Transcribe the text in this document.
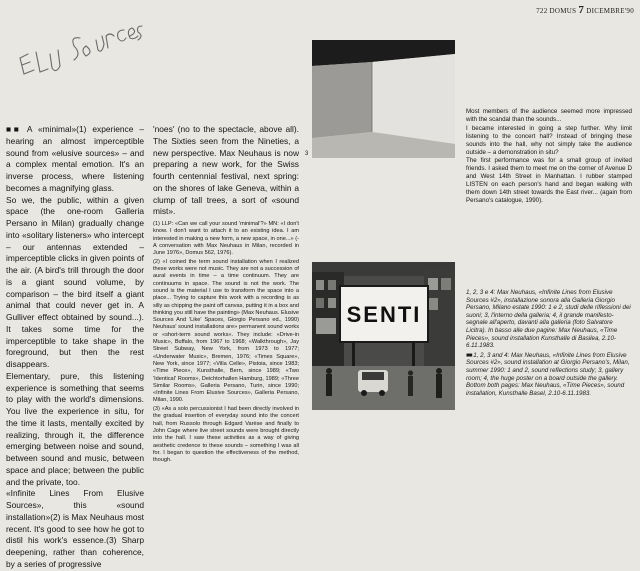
722 DOMUS 7 DICEMBRE'90

■■ A «minimal»(1) experience – hearing an almost imperceptible sound from «elusive sources» – and a complex mental emotion. It's an inverse process, where listening becomes a magnifying glass.

So we, the public, within a given space (the one-room Galleria Persano in Milan) gradually change into «solitary listeners» who intercept – our antennas extended – imperceptible clicks in given points of the air. (A bird's trill through the door is a giant sound volume, by comparison – the bird itself a giant animal that could never get in. A Gulliver effect obtained by sound...). It takes some time for the imperceptible to take shape in the foreground, but then the rest disappears.

Elementary, pure, this listening experience is something that seems to play with the world's dimensions. You live the experience in situ, for the time it lasts, mentally excited by realizing, through it, the difference emerging between noise and sound, between sound and music, between space and place; between the public and the private, too.

«Infinite Lines From Elusive Sources», this «sound installation»(2) is Max Neuhaus most recent. It's good to see how he got to distil his work's essence.(3) Sharp deepening, rather than coherence, by a series of progressive

'noes' (no to the spectacle, above all). The Sixties seen from the Nineties, a new perspective. Max Neuhaus is now preparing a new work, for the Swiss fourth centennial festival, next spring: on the shores of lake Geneva, within a clump of tall trees, a sort of «sound mist».

(1) LLP: «Can we call your sound 'minimal'?» MN: «I don't know. I don't want to attach it to an existing idea. I am interested in making a new form, a new space, in one...» (-A conversation with Max Neuhaus in Milan, recorded in June 1976», Domus 562, 1976).

(2) «I coined the term sound installation when I realized these works were not music. They are not a succession of aural events in time – a time continuum. They are continuums in space. The sound is not the work. The sound is the material I use to transform the space into a place... Trying to capture this work with a recording is as silly as chipping the paint off canvas, putting it in a box and thinking you still have the painting» (Max Neuhaus. Elusive Sources And 'Like' Spaces, Giorgio Persano ed., 1990) Neuhaus' sound installations are» permanent sound works or «short-term sound works». They include: «Drive-in Music», Buffalo, from 1967 to 1968; «Walkthrough», Jay Street Subway, New York, from 1973 to 1977; «Underwater Music», Bremen, 1976; «Times Square», New York, since 1977; «Villa Celle», Pistoia, since 1983; «Time Piece», Kunsthalle, Bern, since 1989; «Two 'Identical' Rooms», Deichtorhallen Hamburg, 1989; «Three Similar Rooms», Galleria Persano, Turin, since 1990; «Infinite Lines From Elusive Sources», Galleria Persano, Milan, 1990.

(3) «As a solo percussionist I had been directly involved in the gradual insertion of everyday sound into the concert hall, from Russolo through Edgard Varèse and finally to John Cage where live street sounds were brought directly into the hall. I saw these activities as a way of giving aesthetic credence to these sounds – something I was all for. I began to question the effectiveness of the method, though.

3

Most members of the audience seemed more impressed with the scandal than the sounds...

I became interested in going a step further. Why limit listening to the concert hall? Instead of bringing these sounds into the hall, why not simply take the audience outside – a demonstration in situ?

The first performance was for a small group of invited friends. I asked them to meet me on the corner of Avenue D and West 14th Street in Manhattan. I rubber stamped LISTEN on each person's hand and began walking with them down 14th street towards the East river... (again from Persano's catalogue, 1990).

SENTI

1, 2, 3 e 4: Max Neuhaus, «Infinite Lines from Elusive Sources #2», installazione sonora alla Galleria Giorgio Persano, Milano estate 1990: 1 e 2, studi delle riflessioni dei suoni; 3, l'interno della galleria; 4, il grande manifesto-segnale all'aperto, davanti alla galleria (foto Salvatore Licitra). In basso alle due pagine: Max Neuhaus, «Time Pieces», sound installation Kunsthalle di Basilea, 2.10-6.11.1983.

■■ 1, 2, 3 and 4: Max Neuhaus, «Infinite Lines from Elusive Sources #2», sound installation at Giorgio Persano's, Milan, summer 1990: 1 and 2, sound reflections study; 3, gallery room; 4, the huge poster on a board outside the gallery. Bottom both pages: Max Neuhaus, «Time Pieces», sound installation, Kunsthalle Basel, 2.10-6.11.1983.
